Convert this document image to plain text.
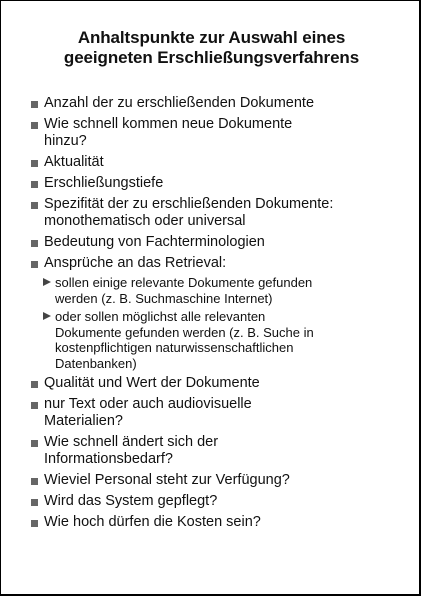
Anhaltspunkte zur Auswahl eines
geeigneten Erschließungsverfahrens
Anzahl der zu erschließenden Dokumente
Wie schnell kommen neue Dokumente
hinzu?
Aktualität
Erschließungstiefe
Spezifität der zu erschließenden Dokumente:
monothematisch oder universal
Bedeutung von Fachterminologien
Ansprüche an das Retrieval:
sollen einige relevante Dokumente gefunden
werden (z. B. Suchmaschine Internet)
oder sollen möglichst alle relevanten
Dokumente gefunden werden (z. B. Suche in
kostenpflichtigen naturwissenschaftlichen
Datenbanken)
Qualität und Wert der Dokumente
nur Text oder auch audiovisuelle
Materialien?
Wie schnell ändert sich der
Informationsbedarf?
Wieviel Personal steht zur Verfügung?
Wird das System gepflegt?
Wie hoch dürfen die Kosten sein?
